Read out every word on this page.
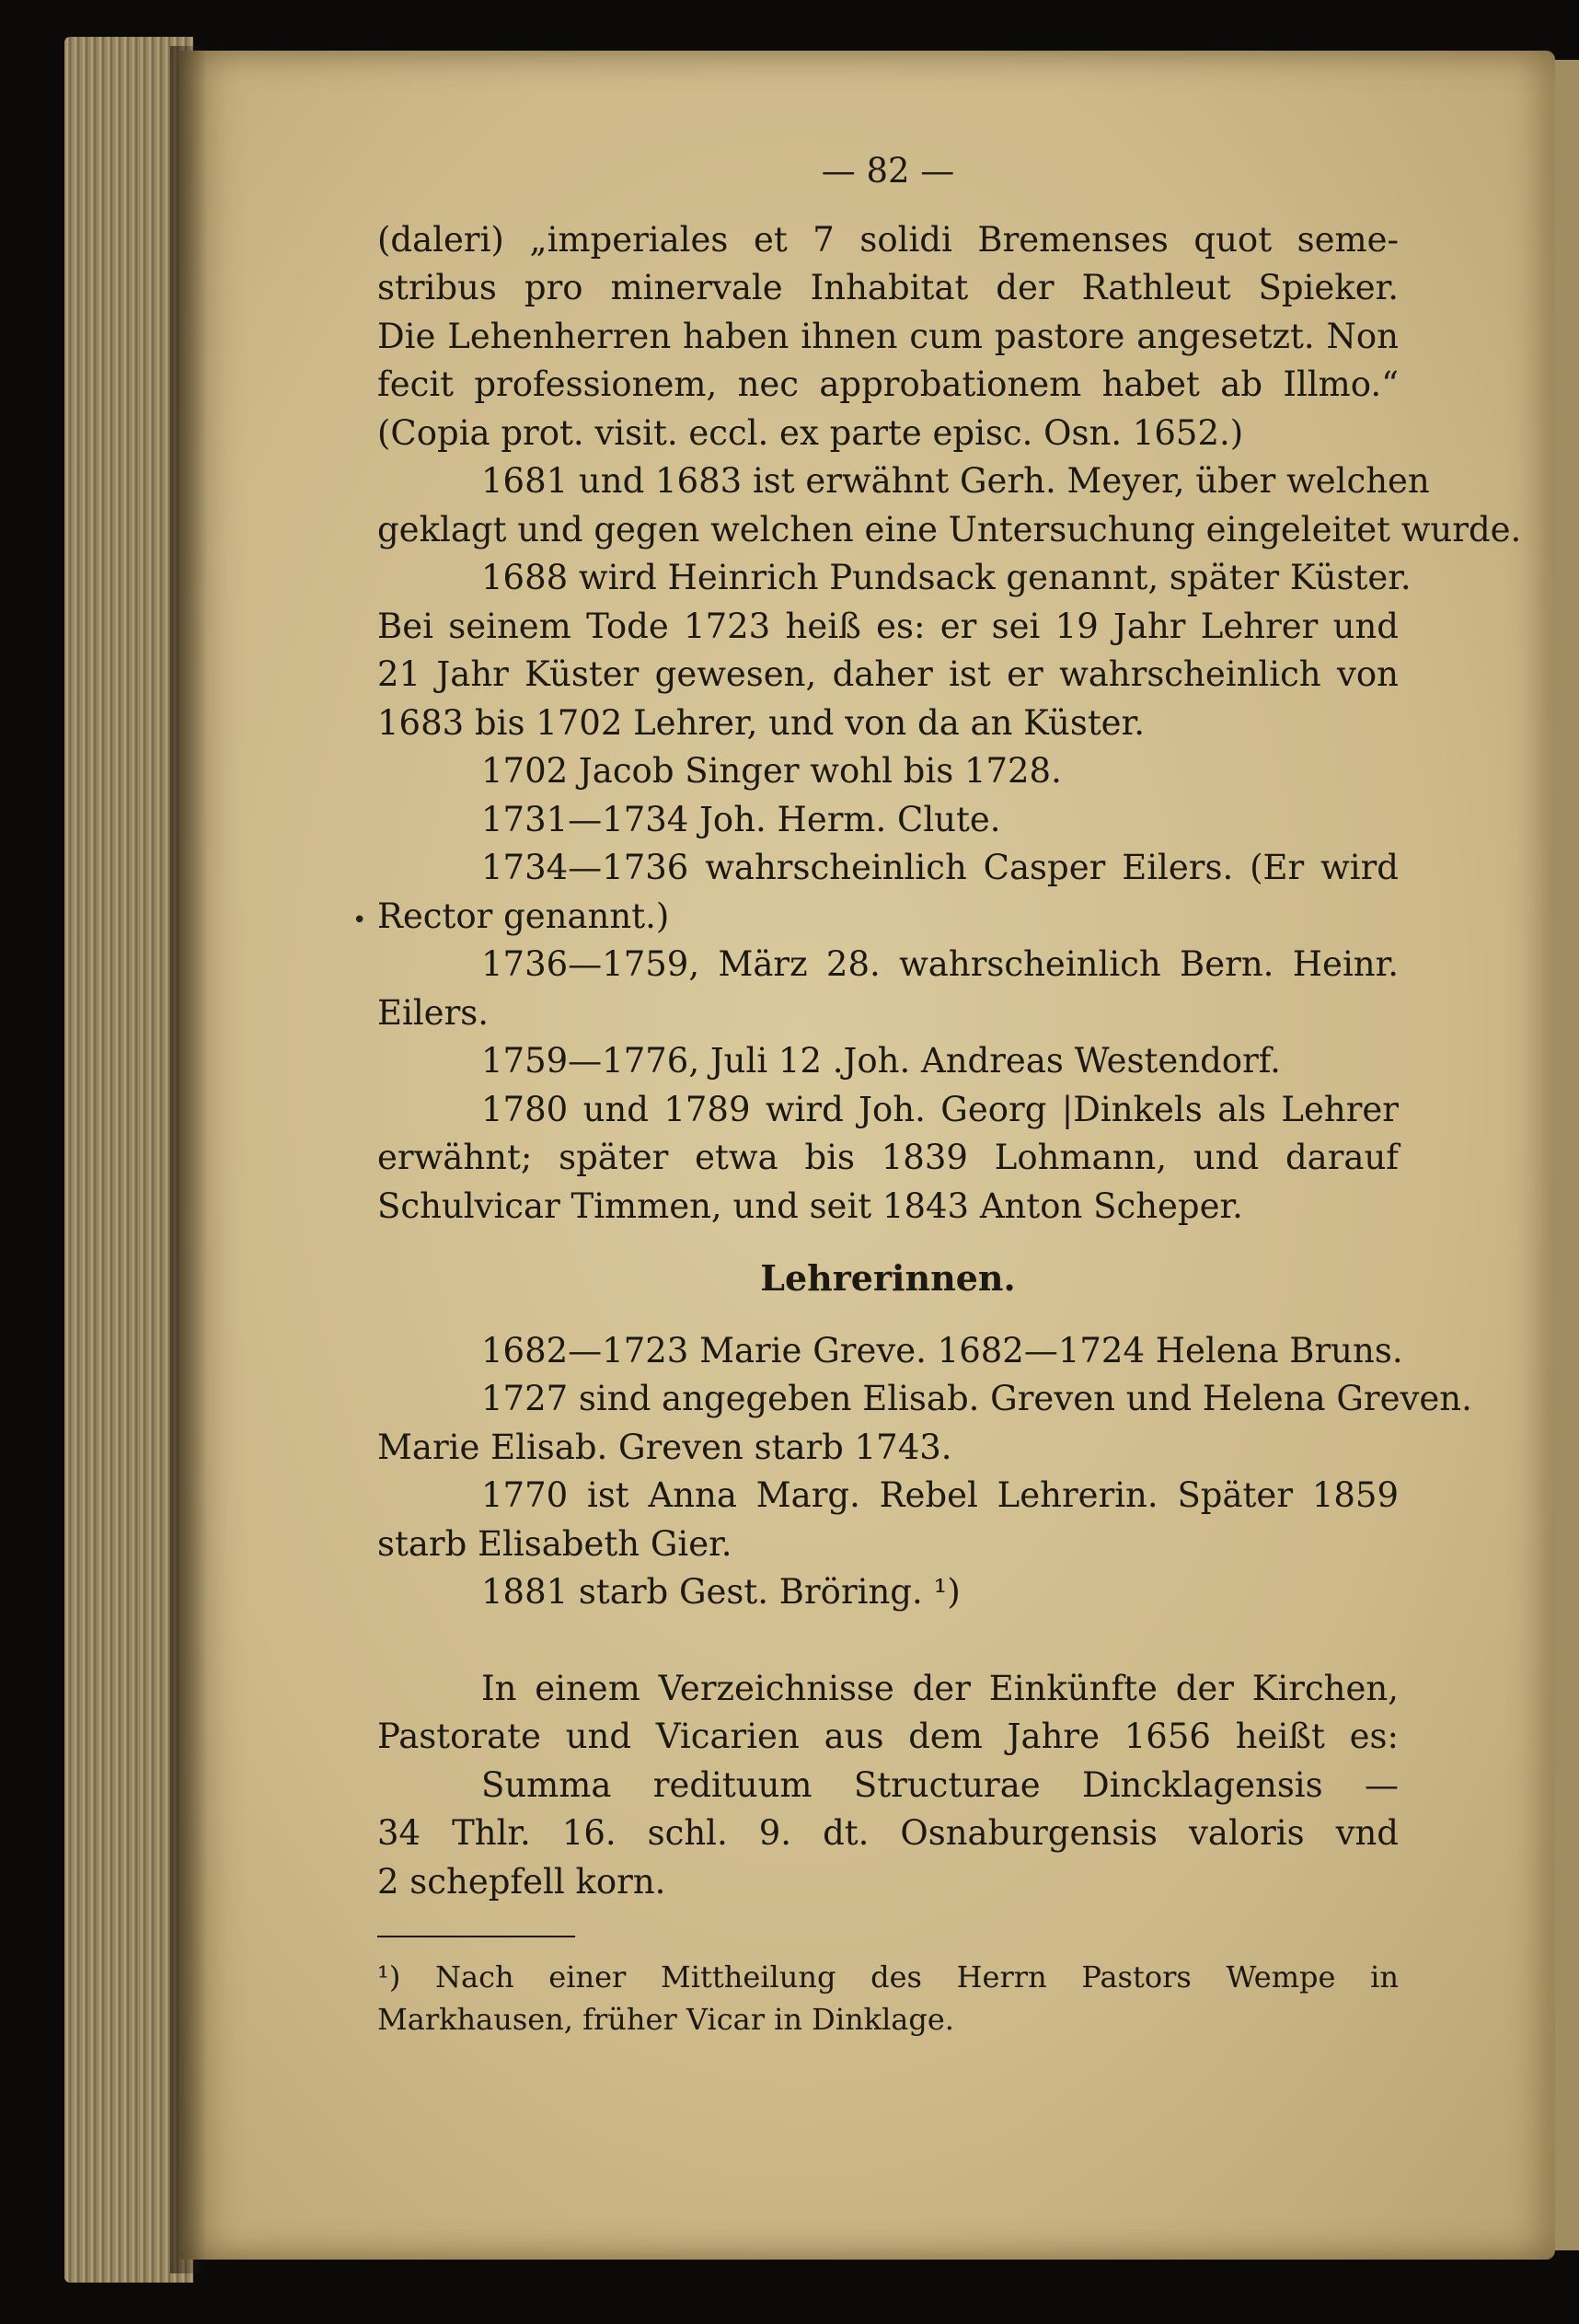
— 82 —
(daleri) „imperiales et 7 solidi Bremenses quot seme-
stribus pro minervale Inhabitat der Rathleut Spieker.
Die Lehenherren haben ihnen cum pastore angesetzt. Non
fecit professionem, nec approbationem habet ab Illmo.“
(Copia prot. visit. eccl. ex parte episc. Osn. 1652.)
1681 und 1683 ist erwähnt Gerh. Meyer, über welchen
geklagt und gegen welchen eine Untersuchung eingeleitet wurde.
1688 wird Heinrich Pundsack genannt, später Küster.
Bei seinem Tode 1723 heiß es: er sei 19 Jahr Lehrer und
21 Jahr Küster gewesen, daher ist er wahrscheinlich von
1683 bis 1702 Lehrer, und von da an Küster.
1702 Jacob Singer wohl bis 1728.
1731—1734 Joh. Herm. Clute.
1734—1736 wahrscheinlich Casper Eilers. (Er wird
Rector genannt.)
1736—1759, März 28. wahrscheinlich Bern. Heinr.
Eilers.
1759—1776, Juli 12 .Joh. Andreas Westendorf.
1780 und 1789 wird Joh. Georg |Dinkels als Lehrer
erwähnt; später etwa bis 1839 Lohmann, und darauf
Schulvicar Timmen, und seit 1843 Anton Scheper.
Lehrerinnen.
1682—1723 Marie Greve. 1682—1724 Helena Bruns.
1727 sind angegeben Elisab. Greven und Helena Greven.
Marie Elisab. Greven starb 1743.
1770 ist Anna Marg. Rebel Lehrerin. Später 1859
starb Elisabeth Gier.
1881 starb Gest. Bröring. ¹)
In einem Verzeichnisse der Einkünfte der Kirchen,
Pastorate und Vicarien aus dem Jahre 1656 heißt es:
Summa redituum Structurae Dincklagensis —
34 Thlr. 16. schl. 9. dt. Osnaburgensis valoris vnd
2 schepfell korn.
¹) Nach einer Mittheilung des Herrn Pastors Wempe in
Markhausen, früher Vicar in Dinklage.
•
